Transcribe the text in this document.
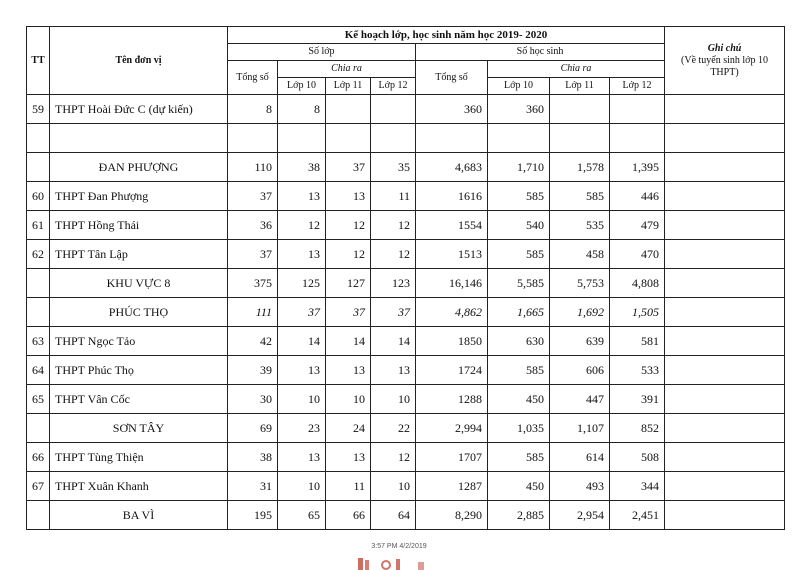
TT	Tên đơn vị	Kế hoạch lớp, học sinh năm học 2019- 2020								Ghi chú
(Về tuyển sinh lớp 10 THPT)
		Số lớp				Số học sinh				
		Tổng số	Chia ra			Tổng số	Chia ra			
			Lớp 10	Lớp 11	Lớp 12		Lớp 10	Lớp 11	Lớp 12	
59	THPT Hoài Đức C (dự kiến)	8	8			360	360			

	ĐAN PHƯỢNG	110	38	37	35	4,683	1,710	1,578	1,395	
60	THPT Đan Phượng	37	13	13	11	1616	585	585	446	
61	THPT Hồng Thái	36	12	12	12	1554	540	535	479	
62	THPT Tân Lập	37	13	12	12	1513	585	458	470	
	KHU VỰC 8	375	125	127	123	16,146	5,585	5,753	4,808	
	PHÚC THỌ	111	37	37	37	4,862	1,665	1,692	1,505	
63	THPT Ngọc Tảo	42	14	14	14	1850	630	639	581	
64	THPT Phúc Thọ	39	13	13	13	1724	585	606	533	
65	THPT Vân Cốc	30	10	10	10	1288	450	447	391	
	SƠN TÂY	69	23	24	22	2,994	1,035	1,107	852	
66	THPT Tùng Thiện	38	13	13	12	1707	585	614	508	
67	THPT Xuân Khanh	31	10	11	10	1287	450	493	344	
	BA VÌ	195	65	66	64	8,290	2,885	2,954	2,451	
3:57 PM 4/2/2019
